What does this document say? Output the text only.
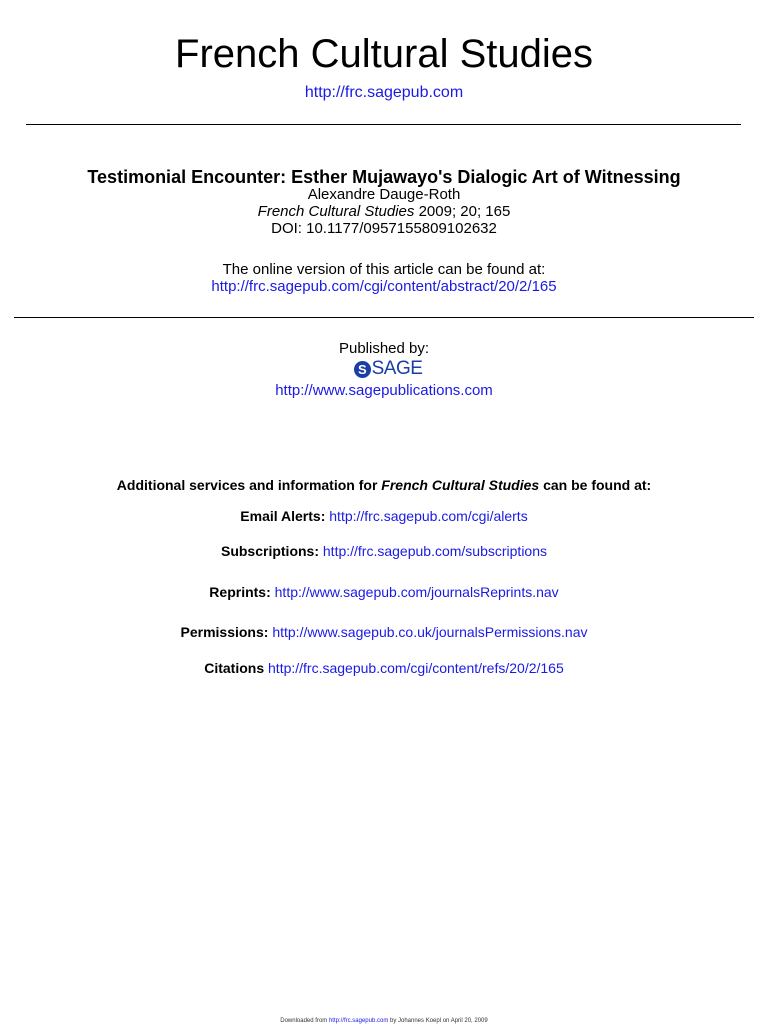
French Cultural Studies
http://frc.sagepub.com
Testimonial Encounter: Esther Mujawayo's Dialogic Art of Witnessing
Alexandre Dauge-Roth
French Cultural Studies 2009; 20; 165
DOI: 10.1177/0957155809102632
The online version of this article can be found at:
http://frc.sagepub.com/cgi/content/abstract/20/2/165
Published by:
S SAGE
http://www.sagepublications.com
Additional services and information for French Cultural Studies can be found at:
Email Alerts: http://frc.sagepub.com/cgi/alerts
Subscriptions: http://frc.sagepub.com/subscriptions
Reprints: http://www.sagepub.com/journalsReprints.nav
Permissions: http://www.sagepub.co.uk/journalsPermissions.nav
Citations http://frc.sagepub.com/cgi/content/refs/20/2/165
Downloaded from http://frc.sagepub.com by Johannes Koepl on April 20, 2009
